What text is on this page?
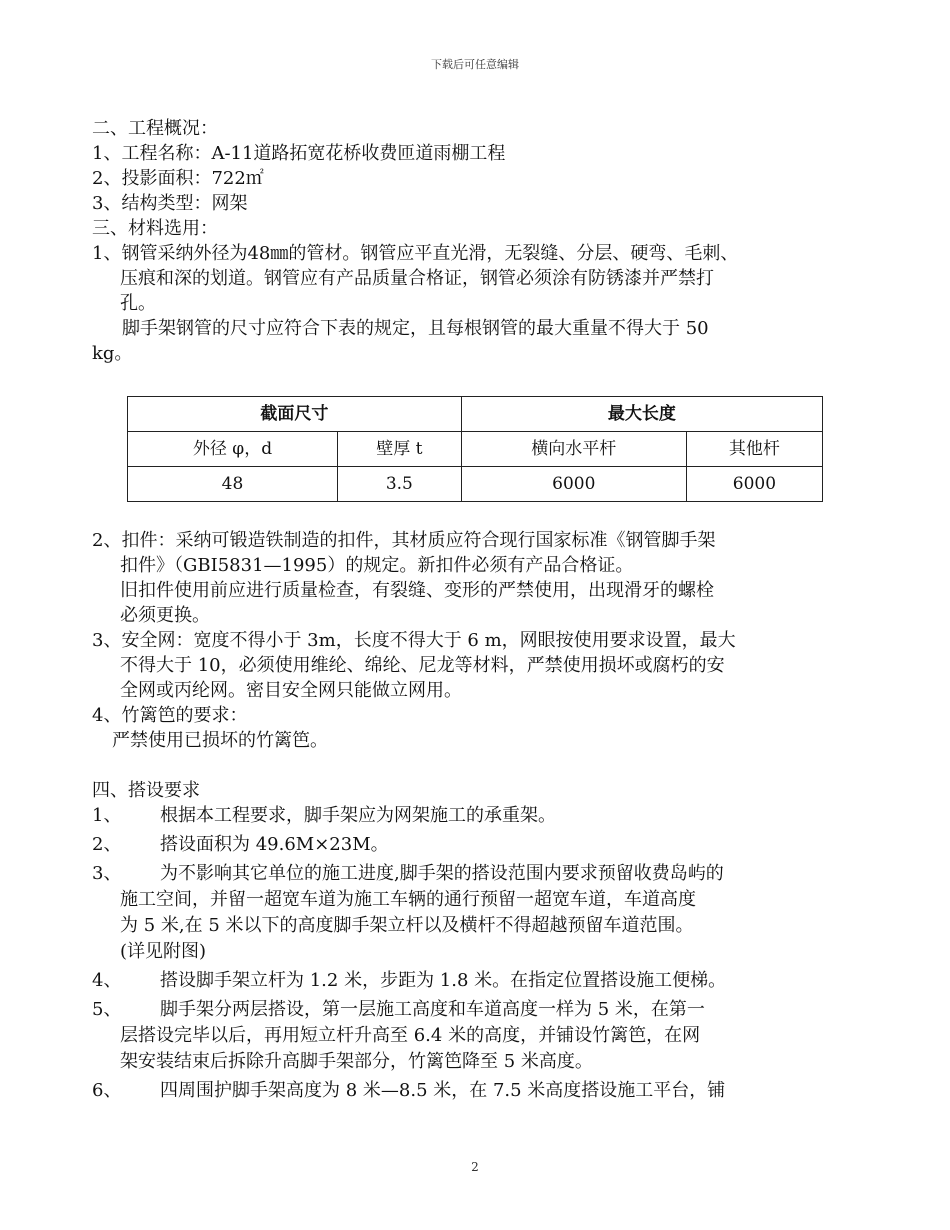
下载后可任意编辑
二、工程概况：
1、工程名称：A-11道路拓宽花桥收费匝道雨棚工程
2、投影面积：722㎡
3、结构类型：网架
三、材料选用：
1、钢管采纳外径为48㎜的管材。钢管应平直光滑，无裂缝、分层、硬弯、毛刺、
压痕和深的划道。钢管应有产品质量合格证，钢管必须涂有防锈漆并严禁打
孔。
脚手架钢管的尺寸应符合下表的规定，且每根钢管的最大重量不得大于 50
kg。
截面尺寸		最大长度	
外径 φ，d	壁厚 t	横向水平杆	其他杆
48	3.5	6000	6000
2、扣件：采纳可锻造铁制造的扣件，其材质应符合现行国家标准《钢管脚手架
扣件》（GBI5831—1995）的规定。新扣件必须有产品合格证。
旧扣件使用前应进行质量检查，有裂缝、变形的严禁使用，出现滑牙的螺栓
必须更换。
3、安全网：宽度不得小于 3m，长度不得大于 6 m，网眼按使用要求设置，最大
不得大于 10，必须使用维纶、绵纶、尼龙等材料，严禁使用损坏或腐朽的安
全网或丙纶网。密目安全网只能做立网用。
4、竹篱笆的要求：
严禁使用已损坏的竹篱笆。
四、搭设要求
1、	根据本工程要求，脚手架应为网架施工的承重架。
2、	搭设面积为 49.6M×23M。
3、	为不影响其它单位的施工进度,脚手架的搭设范围内要求预留收费岛屿的
施工空间，并留一超宽车道为施工车辆的通行预留一超宽车道，车道高度
为 5 米,在 5 米以下的高度脚手架立杆以及横杆不得超越预留车道范围。
(详见附图)
4、	搭设脚手架立杆为 1.2 米，步距为 1.8 米。在指定位置搭设施工便梯。
5、	脚手架分两层搭设，第一层施工高度和车道高度一样为 5 米，在第一
层搭设完毕以后，再用短立杆升高至 6.4 米的高度，并铺设竹篱笆，在网
架安装结束后拆除升高脚手架部分，竹篱笆降至 5 米高度。
6、	四周围护脚手架高度为 8 米—8.5 米，在 7.5 米高度搭设施工平台，铺
2
